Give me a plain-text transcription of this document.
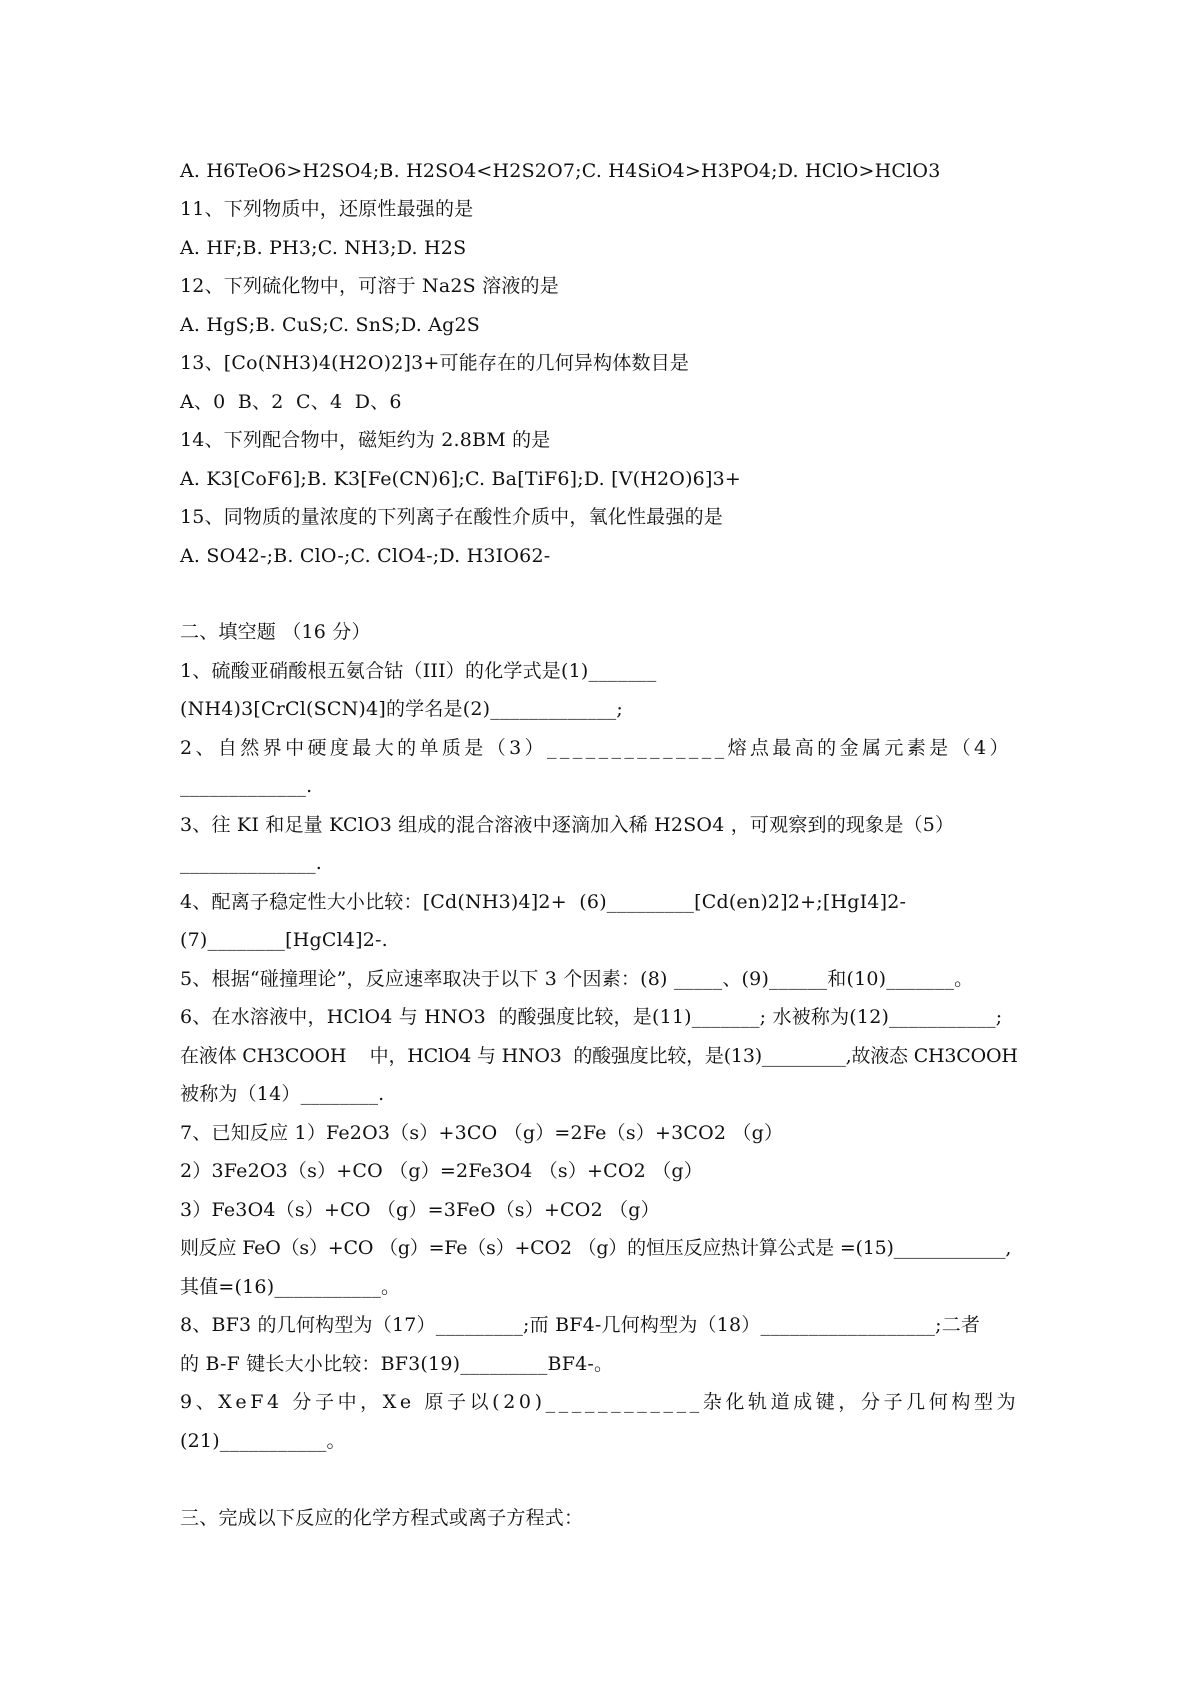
A. H6TeO6>H2SO4;B. H2SO4<H2S2O7;C. H4SiO4>H3PO4;D. HClO>HClO3
11、下列物质中，还原性最强的是
A. HF;B. PH3;C. NH3;D. H2S
12、下列硫化物中，可溶于 Na2S 溶液的是
A. HgS;B. CuS;C. SnS;D. Ag2S
13、[Co(NH3)4(H2O)2]3+可能存在的几何异构体数目是
A、0  B、2  C、4  D、6
14、下列配合物中，磁矩约为 2.8BM 的是
A. K3[CoF6];B. K3[Fe(CN)6];C. Ba[TiF6];D. [V(H2O)6]3+
15、同物质的量浓度的下列离子在酸性介质中，氧化性最强的是
A. SO42-;B. ClO-;C. ClO4-;D. H3IO62-
二、填空题 （16 分）
1、硫酸亚硝酸根五氨合钴（III）的化学式是(1)_______
(NH4)3[CrCl(SCN)4]的学名是(2)_____________;
2、自然界中硬度最大的单质是（3）______________熔点最高的金属元素是（4）
_____________.
3、往 KI 和足量 KClO3 组成的混合溶液中逐滴加入稀 H2SO4 ，可观察到的现象是（5）
______________.
4、配离子稳定性大小比较：[Cd(NH3)4]2+  (6)_________[Cd(en)2]2+;[HgI4]2-
(7)________[HgCl4]2-.
5、根据“碰撞理论”，反应速率取决于以下 3 个因素：(8) _____、(9)______和(10)_______。
6、在水溶液中，HClO4 与 HNO3  的酸强度比较，是(11)_______; 水被称为(12)___________;
在液体 CH3COOH    中，HClO4 与 HNO3  的酸强度比较，是(13)_________,故液态 CH3COOH
被称为（14）________.
7、已知反应 1）Fe2O3（s）+3CO （g）=2Fe（s）+3CO2 （g）
2）3Fe2O3（s）+CO （g）=2Fe3O4 （s）+CO2 （g）
3）Fe3O4（s）+CO （g）=3FeO（s）+CO2 （g）
则反应 FeO（s）+CO （g）=Fe（s）+CO2 （g）的恒压反应热计算公式是 =(15)____________,
其值=(16)___________。
8、BF3 的几何构型为（17）_________;而 BF4-几何构型为（18）__________________;二者
的 B-F 键长大小比较：BF3(19)_________BF4-。
9、XeF4 分子中，Xe 原子以(20)____________杂化轨道成键，分子几何构型为
(21)___________。
三、完成以下反应的化学方程式或离子方程式：
